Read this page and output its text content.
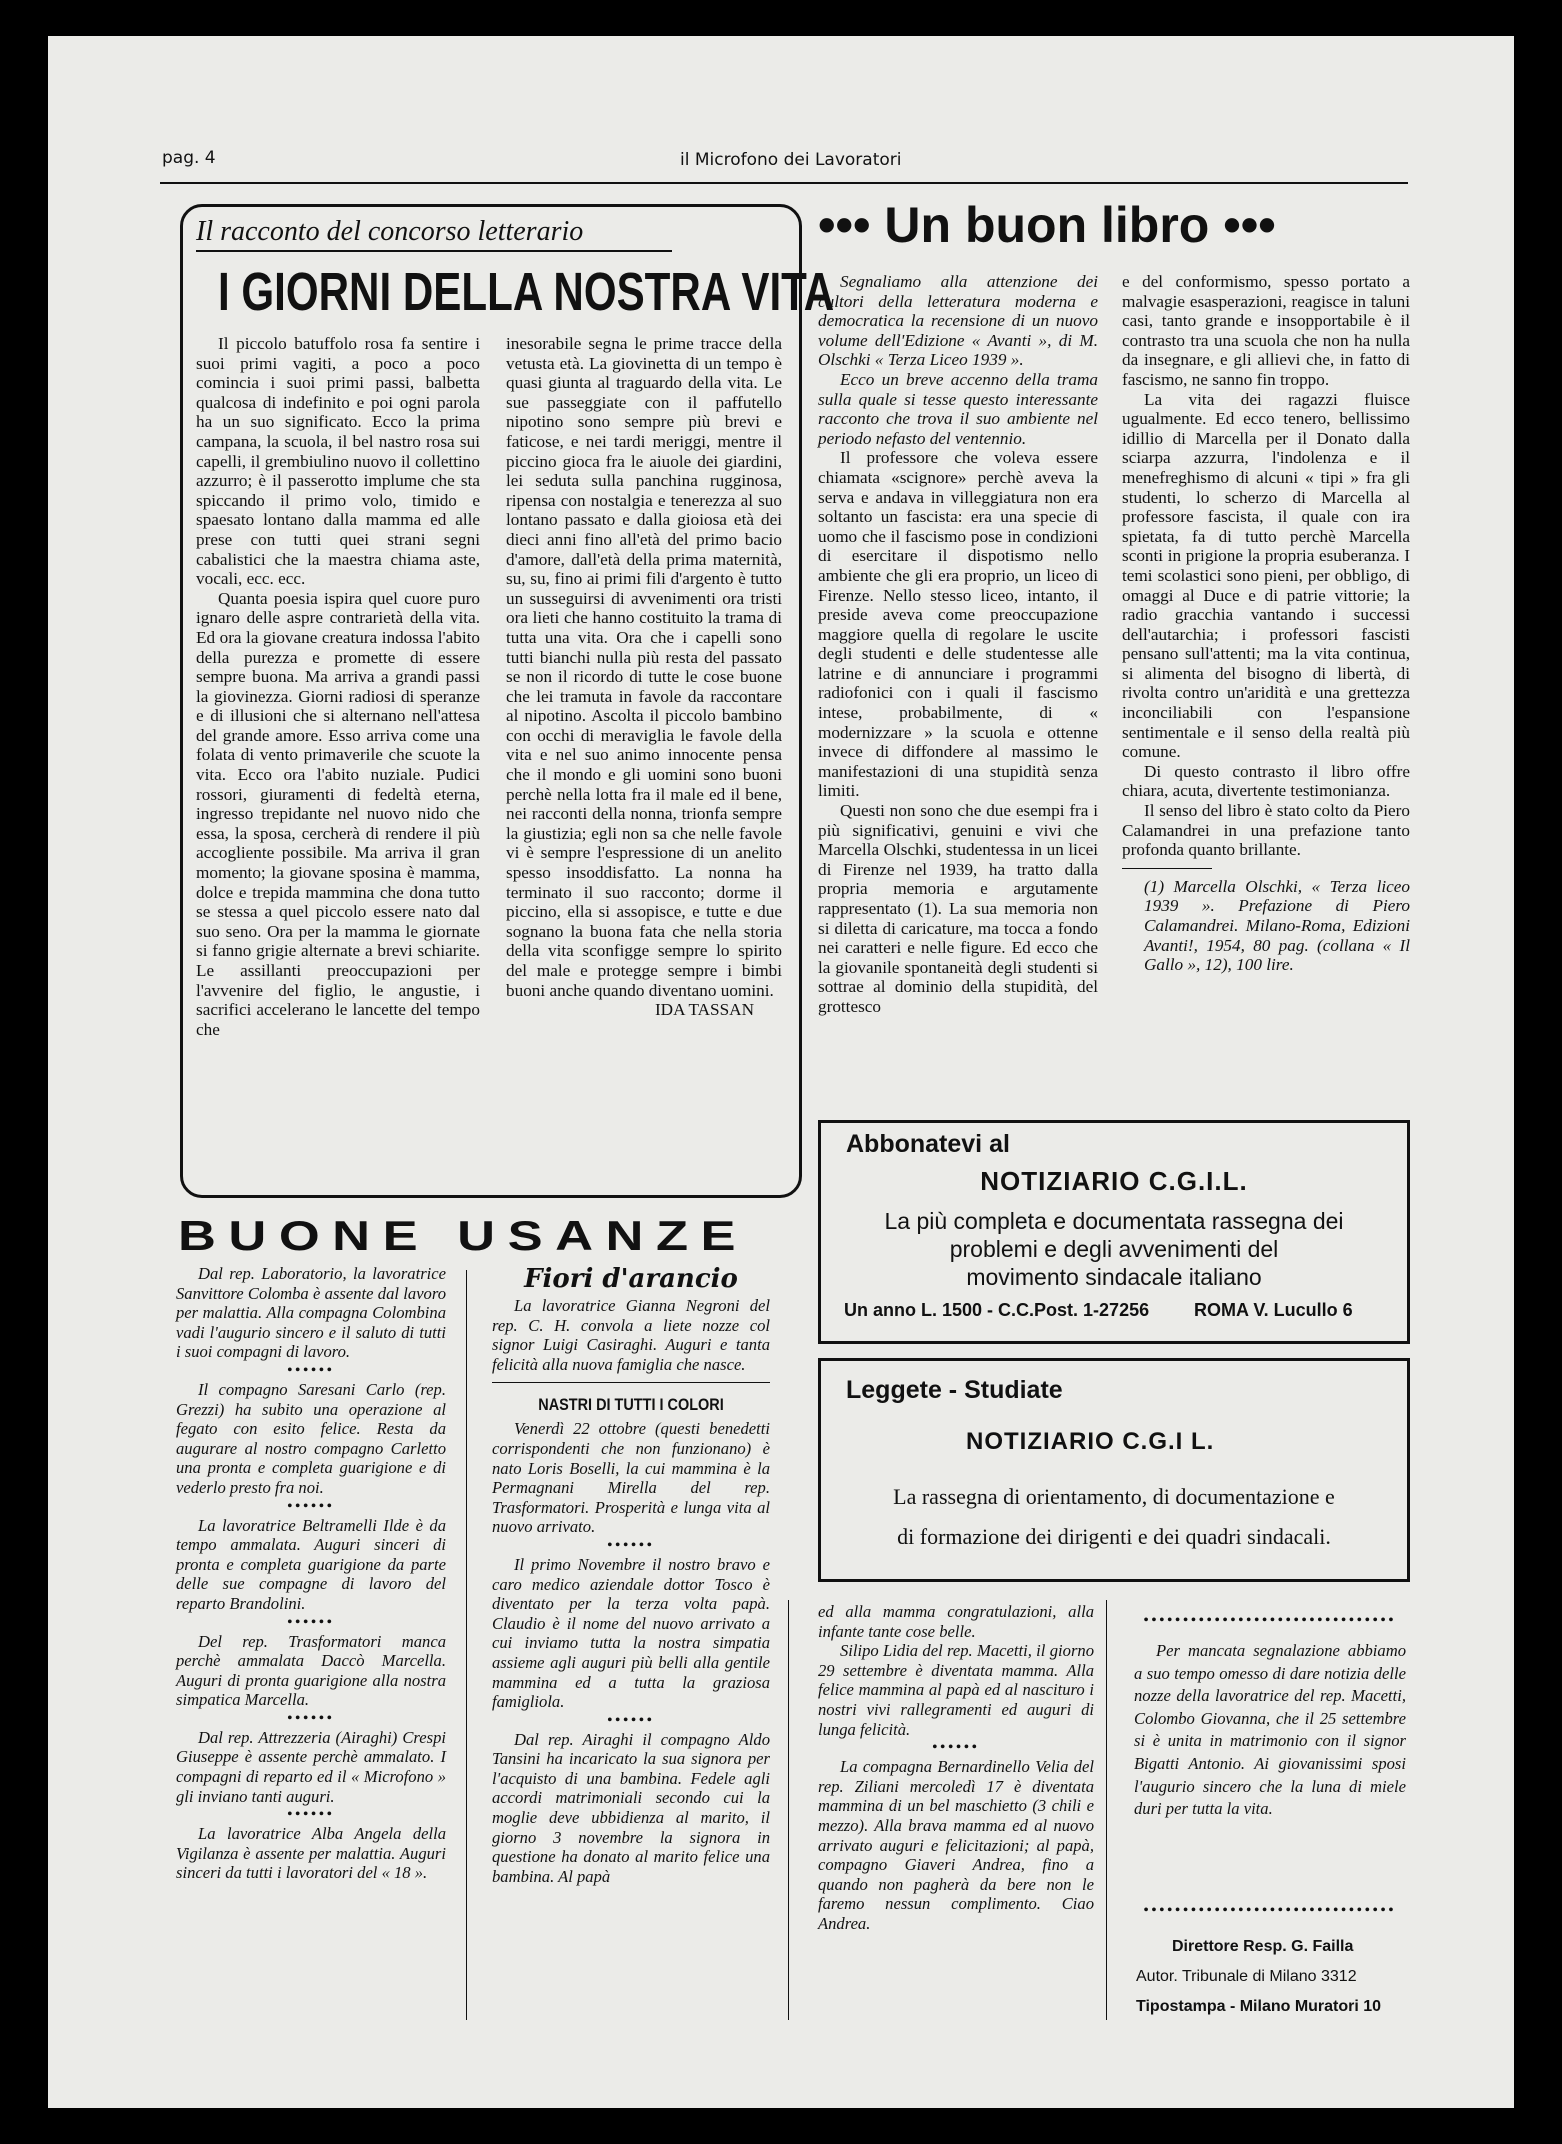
pag. 4	il Microfono dei Lavoratori
Il racconto del concorso letterario
I GIORNI DELLA NOSTRA VITA

Il piccolo batuffolo rosa fa sentire i suoi primi vagiti, a poco a poco comincia i suoi primi passi, balbetta qualcosa di indefinito e poi ogni parola ha un suo significato. Ecco la prima campana, la scuola, il bel nastro rosa sui capelli, il grembiulino nuovo il collettino azzurro; è il passerotto implume che sta spiccando il primo volo, timido e spaesato lontano dalla mamma ed alle prese con tutti quei strani segni cabalistici che la maestra chiama aste, vocali, ecc. ecc.

Quanta poesia ispira quel cuore puro ignaro delle aspre contrarietà della vita. Ed ora la giovane creatura indossa l'abito della purezza e promette di essere sempre buona. Ma arriva a grandi passi la giovinezza. Giorni radiosi di speranze e di illusioni che si alternano nell'attesa del grande amore. Esso arriva come una folata di vento primaverile che scuote la vita. Ecco ora l'abito nuziale. Pudici rossori, giuramenti di fedeltà eterna, ingresso trepidante nel nuovo nido che essa, la sposa, cercherà di rendere il più accogliente possibile. Ma arriva il gran momento; la giovane sposina è mamma, dolce e trepida mammina che dona tutto se stessa a quel piccolo essere nato dal suo seno. Ora per la mamma le giornate si fanno grigie alternate a brevi schiarite. Le assillanti preoccupazioni per l'avvenire del figlio, le angustie, i sacrifici accelerano le lancette del tempo che

inesorabile segna le prime tracce della vetusta età. La giovinetta di un tempo è quasi giunta al traguardo della vita. Le sue passeggiate con il paffutello nipotino sono sempre più brevi e faticose, e nei tardi meriggi, mentre il piccino gioca fra le aiuole dei giardini, lei seduta sulla panchina rugginosa, ripensa con nostalgia e tenerezza al suo lontano passato e dalla gioiosa età dei dieci anni fino all'età del primo bacio d'amore, dall'età della prima maternità, su, su, fino ai primi fili d'argento è tutto un susseguirsi di avvenimenti ora tristi ora lieti che hanno costituito la trama di tutta una vita. Ora che i capelli sono tutti bianchi nulla più resta del passato se non il ricordo di tutte le cose buone che lei tramuta in favole da raccontare al nipotino. Ascolta il piccolo bambino con occhi di meraviglia le favole della vita e nel suo animo innocente pensa che il mondo e gli uomini sono buoni perchè nella lotta fra il male ed il bene, nei racconti della nonna, trionfa sempre la giustizia; egli non sa che nelle favole vi è sempre l'espressione di un anelito spesso insoddisfatto. La nonna ha terminato il suo racconto; dorme il piccino, ella si assopisce, e tutte e due sognano la buona fata che nella storia della vita sconfigge sempre lo spirito del male e protegge sempre i bimbi buoni anche quando diventano uomini.

IDA TASSAN
••• Un buon libro •••

Segnaliamo alla attenzione dei cultori della letteratura moderna e democratica la recensione di un nuovo volume dell'Edizione « Avanti », di M. Olschki « Terza Liceo 1939 ».

Ecco un breve accenno della trama sulla quale si tesse questo interessante racconto che trova il suo ambiente nel periodo nefasto del ventennio.

Il professore che voleva essere chiamata «scignore» perchè aveva la serva e andava in villeggiatura non era soltanto un fascista: era una specie di uomo che il fascismo pose in condizioni di esercitare il dispotismo nello ambiente che gli era proprio, un liceo di Firenze. Nello stesso liceo, intanto, il preside aveva come preoccupazione maggiore quella di regolare le uscite degli studenti e delle studentesse alle latrine e di annunciare i programmi radiofonici con i quali il fascismo intese, probabilmente, di « modernizzare » la scuola e ottenne invece di diffondere al massimo le manifestazioni di una stupidità senza limiti.

Questi non sono che due esempi fra i più significativi, genuini e vivi che Marcella Olschki, studentessa in un licei di Firenze nel 1939, ha tratto dalla propria memoria e argutamente rappresentato (1). La sua memoria non si diletta di caricature, ma tocca a fondo nei caratteri e nelle figure. Ed ecco che la giovanile spontaneità degli studenti si sottrae al dominio della stupidità, del grottesco

e del conformismo, spesso portato a malvagie esasperazioni, reagisce in taluni casi, tanto grande e insopportabile è il contrasto tra una scuola che non ha nulla da insegnare, e gli allievi che, in fatto di fascismo, ne sanno fin troppo.

La vita dei ragazzi fluisce ugualmente. Ed ecco tenero, bellissimo idillio di Marcella per il Donato dalla sciarpa azzurra, l'indolenza e il menefreghismo di alcuni « tipi » fra gli studenti, lo scherzo di Marcella al professore fascista, il quale con ira spietata, fa di tutto perchè Marcella sconti in prigione la propria esuberanza. I temi scolastici sono pieni, per obbligo, di omaggi al Duce e di patrie vittorie; la radio gracchia vantando i successi dell'autarchia; i professori fascisti pensano sull'attenti; ma la vita continua, si alimenta del bisogno di libertà, di rivolta contro un'aridità e una grettezza inconciliabili con l'espansione sentimentale e il senso della realtà più comune.

Di questo contrasto il libro offre chiara, acuta, divertente testimonianza.

Il senso del libro è stato colto da Piero Calamandrei in una prefazione tanto profonda quanto brillante.

(1) Marcella Olschki, « Terza liceo 1939 ». Prefazione di Piero Calamandrei. Milano-Roma, Edizioni Avanti!, 1954, 80 pag. (collana « Il Gallo », 12), 100 lire.

Abbonatevi al
NOTIZIARIO C.G.I.L.
La più completa e documentata rassegna dei
problemi e degli avvenimenti del
movimento sindacale italiano
Un anno L. 1500 - C.C.Post. 1-27256 ROMA V. Lucullo 6
Leggete - Studiate
NOTIZIARIO C.G.I L.
La rassegna di orientamento, di documentazione e
di formazione dei dirigenti e dei quadri sindacali.
BUONE USANZE

Dal rep. Laboratorio, la lavoratrice Sanvittore Colomba è assente dal lavoro per malattia. Alla compagna Colombina vadi l'augurio sincero e il saluto di tutti i suoi compagni di lavoro.

••••••

Il compagno Saresani Carlo (rep. Grezzi) ha subito una operazione al fegato con esito felice. Resta da augurare al nostro compagno Carletto una pronta e completa guarigione e di vederlo presto fra noi.

••••••

La lavoratrice Beltramelli Ilde è da tempo ammalata. Auguri sinceri di pronta e completa guarigione da parte delle sue compagne di lavoro del reparto Brandolini.

••••••

Del rep. Trasformatori manca perchè ammalata Daccò Marcella. Auguri di pronta guarigione alla nostra simpatica Marcella.

••••••

Dal rep. Attrezzeria (Airaghi) Crespi Giuseppe è assente perchè ammalato. I compagni di reparto ed il « Microfono » gli inviano tanti auguri.

••••••

La lavoratrice Alba Angela della Vigilanza è assente per malattia. Auguri sinceri da tutti i lavoratori del « 18 ».

Fiori d'arancio

La lavoratrice Gianna Negroni del rep. C. H. convola a liete nozze col signor Luigi Casiraghi. Auguri e tanta felicità alla nuova famiglia che nasce.

NASTRI DI TUTTI I COLORI

Venerdì 22 ottobre (questi benedetti corrispondenti che non funzionano) è nato Loris Boselli, la cui mammina è la Permagnani Mirella del rep. Trasformatori. Prosperità e lunga vita al nuovo arrivato.

••••••

Il primo Novembre il nostro bravo e caro medico aziendale dottor Tosco è diventato per la terza volta papà. Claudio è il nome del nuovo arrivato a cui inviamo tutta la nostra simpatia assieme agli auguri più belli alla gentile mammina ed a tutta la graziosa famigliola.

••••••

Dal rep. Airaghi il compagno Aldo Tansini ha incaricato la sua signora per l'acquisto di una bambina. Fedele agli accordi matrimoniali secondo cui la moglie deve ubbidienza al marito, il giorno 3 novembre la signora in questione ha donato al marito felice una bambina. Al papà

ed alla mamma congratulazioni, alla infante tante cose belle.

Silipo Lidia del rep. Macetti, il giorno 29 settembre è diventata mamma. Alla felice mammina al papà ed al nascituro i nostri vivi rallegramenti ed auguri di lunga felicità.

••••••

La compagna Bernardinello Velia del rep. Ziliani mercoledì 17 è diventata mammina di un bel maschietto (3 chili e mezzo). Alla brava mamma ed al nuovo arrivato auguri e felicitazioni; al papà, compagno Giaveri Andrea, fino a quando non pagherà da bere non le faremo nessun complimento. Ciao Andrea.

••••••••••••••••••••••••••••••••

Per mancata segnalazione abbiamo a suo tempo omesso di dare notizia delle nozze della lavoratrice del rep. Macetti, Colombo Giovanna, che il 25 settembre si è unita in matrimonio con il signor Bigatti Antonio. Ai giovanissimi sposi l'augurio sincero che la luna di miele duri per tutta la vita.

••••••••••••••••••••••••••••••••
Direttore Resp. G. Failla
Autor. Tribunale di Milano 3312
Tipostampa - Milano Muratori 10
